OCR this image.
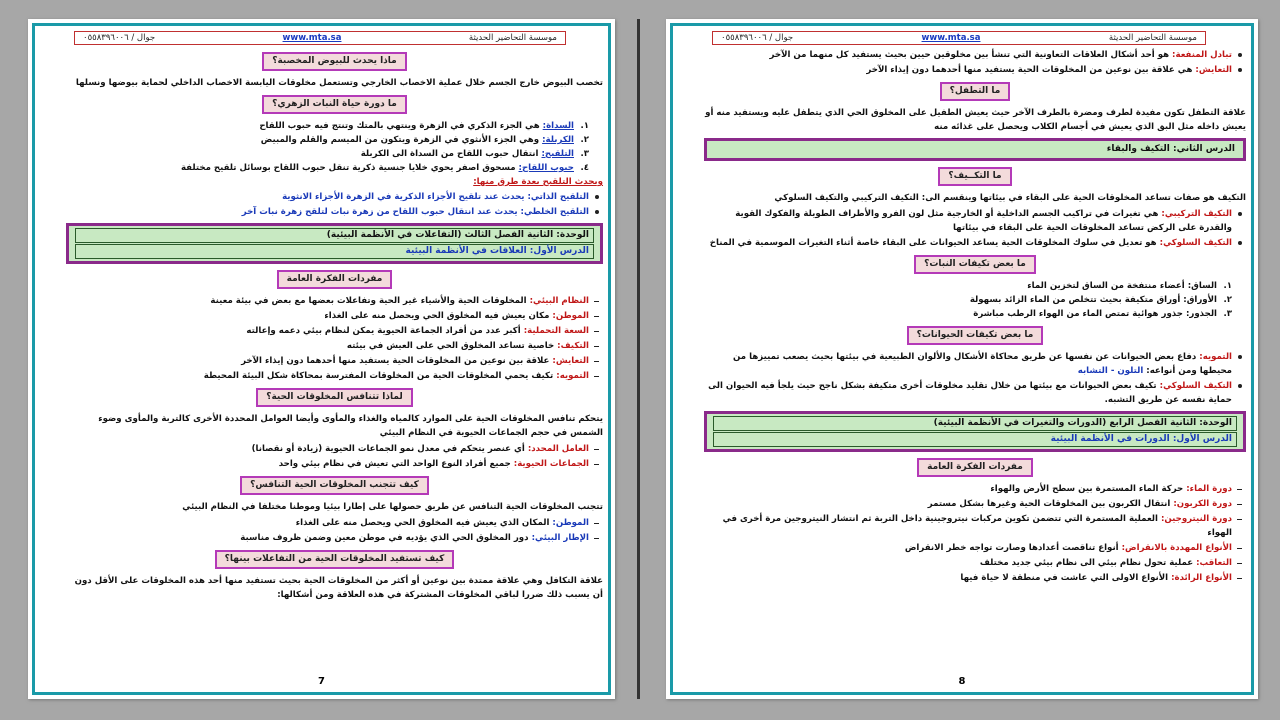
موسسة التحاضير الحديثة
www.mta.sa
جوال / ٠٥٥٨٣٩٦٠٠٦
ماذا يحدث للبيوض المخصبة؟
تخصب البيوض خارج الجسم خلال عملية الاخصاب الخارجي وتستعمل مخلوقات اليابسة الاخصاب الداخلي لحماية بيوضها ونسلها
ما دورة حياة النبات الزهري؟
١. السداة: هي الجزء الذكري في الزهرة وينتهي بالمتك وتنتج فيه حبوب اللقاح
٢. الكربلة: وهي الجزء الأنثوي في الزهرة ويتكون من الميسم والقلم والمبيض
٣. التلقيح: انتقال حبوب اللقاح من السداة الى الكربلة
٤. حبوب اللقاح: مسحوق اصفر يحوي خلايا جنسية ذكرية تنقل حبوب اللقاح بوسائل تلقيح مختلفة
ويحدث التلقيح بعدة طرق منها:
التلقيح الذاتي: يحدث عند تلقيح الأجزاء الذكرية في الزهرة الأجزاء الانثوية
التلقيح الخلطي: يحدث عند انتقال حبوب اللقاح من زهرة نبات لتلقح زهرة نبات آخر
الوحدة: الثانية الفصل الثالث (التفاعلات في الأنظمة البيئية)
الدرس الأول: العلاقات في الأنظمة البيئية
مفردات الفكرة العامة
النظام البيئي: المخلوقات الحية والأشياء غير الحية وتفاعلات بعضها مع بعض في بيئة معينة
الموطن: مكان يعيش فيه المخلوق الحي ويحصل منه على الغذاء
السعة التحملية: أكبر عدد من أفراد الجماعة الحيوية يمكن لنظام بيئي دعمه وإعالته
التكيف: خاصية تساعد المخلوق الحي على العيش في بيئته
التعايش: علاقة بين نوعين من المخلوقات الحية يستفيد منها أحدهما دون إيذاء الآخر
التمويه: تكيف يحمي المخلوقات الحية من المخلوقات المفترسة بمحاكاة شكل البيئة المحيطة
لماذا تتنافس المخلوقات الحية؟
يتحكم تنافس المخلوقات الحية على الموارد كالمياه والغذاء والمأوى وأيضا العوامل المحددة الأخرى كالتربة والمأوى وضوء الشمس في حجم الجماعات الحيوية في النظام البيئي
العامل المحدد: أي عنصر يتحكم في معدل نمو الجماعات الحيوية (زيادة أو نقصانا)
الجماعات الحيوية: جميع أفراد النوع الواحد التي تعيش في نظام بيئي واحد
كيف تتجنب المخلوقات الحية التنافس؟
تتجنب المخلوقات الحية التنافس عن طريق حصولها على إطارا بيئيا وموطنا مختلفا في النظام البيئي
الموطن: المكان الذي يعيش فيه المخلوق الحي ويحصل منه على الغذاء
الإطار البيئي: دور المخلوق الحي الذي يؤديه في موطن معين وضمن ظروف مناسبة
كيف تستفيد المخلوقات الحية من التفاعلات بينها؟
علاقة التكافل وهي علاقة ممتدة بين نوعين أو أكثر من المخلوقات الحية بحيث تستفيد منها أحد هذه المخلوقات على الأقل دون أن يسبب ذلك ضررا لباقي المخلوقات المشتركة في هذه العلاقة ومن أشكالها:
7
موسسة التحاضير الحديثة
www.mta.sa
جوال / ٠٥٥٨٣٩٦٠٠٦
تبادل المنفعة: هو أحد أشكال العلاقات التعاونية التي تنشأ بين مخلوقين حيين بحيث يستفيد كل منهما من الآخر
التعايش: هي علاقة بين نوعين من المخلوقات الحية يستفيد منها أحدهما دون إيذاء الآخر
ما التطفل؟
علاقة التطفل تكون مفيدة لطرف ومضرة بالطرف الآخر حيث يعيش الطفيل على المخلوق الحي الذي يتطفل عليه ويستفيد منه أو يعيش داخله مثل البق الذي يعيش في أجسام الكلاب ويحصل على غذائه منه
الدرس الثاني: التكيف والبقاء
ما التكــيف؟
التكيف هو صفات تساعد المخلوقات الحية على البقاء في بيئاتها وينقسم الى: التكيف التركيبي والتكيف السلوكي
التكيف التركيبي: هي تغيرات في تراكيب الجسم الداخلية أو الخارجية مثل لون الفرو والأطراف الطويلة والفكوك القوية والقدرة على الركض تساعد المخلوقات الحية على البقاء في بيئاتها
التكيف السلوكي: هو تعديل في سلوك المخلوقات الحية يساعد الحيوانات على البقاء خاصة أثناء التغيرات الموسمية في المناخ
ما بعض تكيفات النبات؟
١. الساق: أعضاء منتفخة من الساق لتخزين الماء
٢. الأوراق: أوراق متكيفة بحيث تتخلص من الماء الزائد بسهولة
٣. الجذور: جذور هوائية تمتص الماء من الهواء الرطب مباشرة
ما بعض تكيفات الحيوانات؟
التمويه: دفاع بعض الحيوانات عن نفسها عن طريق محاكاة الأشكال والألوان الطبيعية في بيئتها بحيث يصعب تمييزها من محيطها ومن أنواعه: التلون - التشابه
التكيف السلوكي: تكيف بعض الحيوانات مع بيئتها من خلال تقليد مخلوقات أخرى متكيفة بشكل ناجح حيث يلجأ فيه الحيوان الى حماية نفسه عن طريق التشبه.
الوحدة: الثانية الفصل الرابع (الدورات والتغيرات في الأنظمة البيئية)
الدرس الأول: الدورات في الأنظمة البيئية
مفردات الفكرة العامة
دورة الماء: حركة الماء المستمرة بين سطح الأرض والهواء
دورة الكربون: انتقال الكربون بين المخلوقات الحية وغيرها بشكل مستمر
دورة النيتروجين: العملية المستمرة التي تتضمن تكوين مركبات نيتروجينية داخل التربة ثم انتشار النيتروجين مرة أخرى في الهواء
الأنواع المهددة بالانقراض: أنواع تناقصت أعدادها وصارت تواجه خطر الانقراض
التعاقب: عملية تحول نظام بيئي الى نظام بيئي جديد مختلف
الأنواع الرائدة: الأنواع الاولى التي عاشت في منطقة لا حياة فيها
8
